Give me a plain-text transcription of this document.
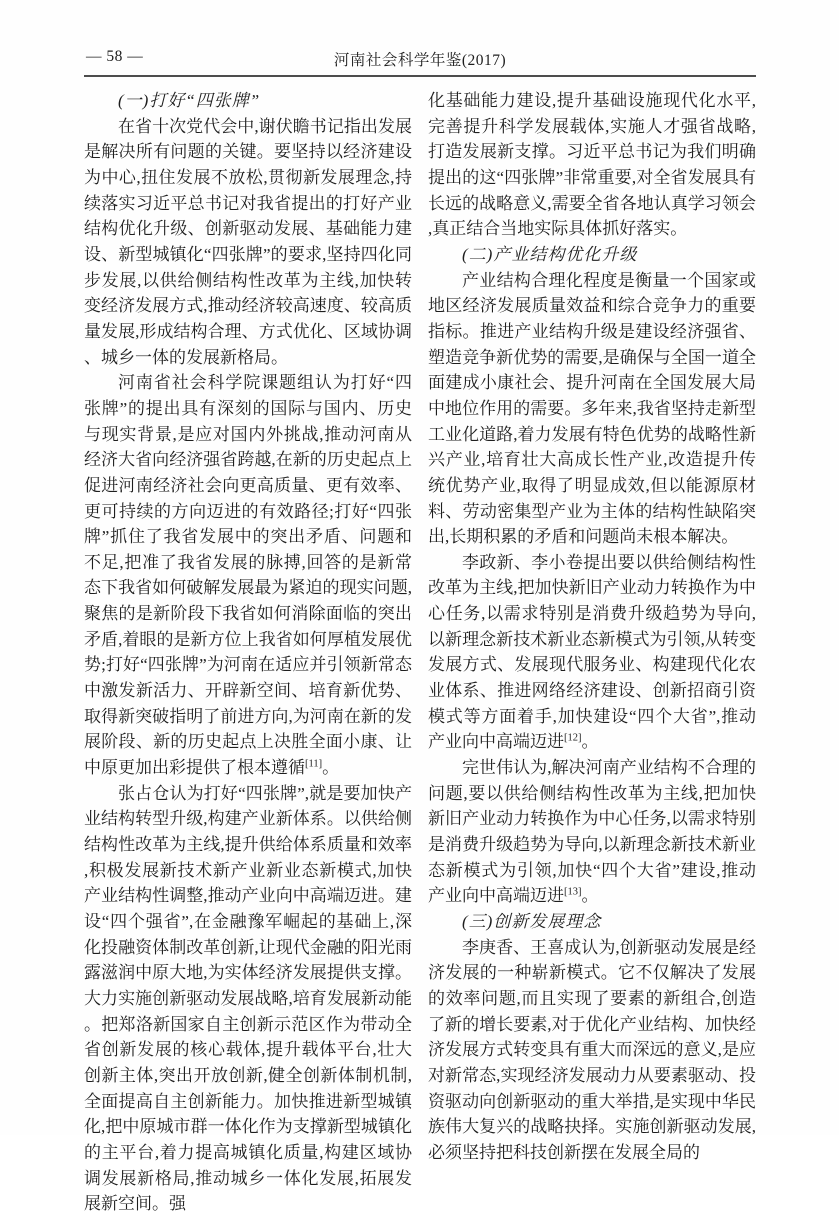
— 58 —	河南社会科学年鉴(2017)
(一)打好“四张牌”

在省十次党代会中,谢伏瞻书记指出发展是解决所有问题的关键。要坚持以经济建设为中心,扭住发展不放松,贯彻新发展理念,持续落实习近平总书记对我省提出的打好产业结构优化升级、创新驱动发展、基础能力建设、新型城镇化“四张牌”的要求,坚持四化同步发展,以供给侧结构性改革为主线,加快转变经济发展方式,推动经济较高速度、较高质量发展,形成结构合理、方式优化、区域协调、城乡一体的发展新格局。

河南省社会科学院课题组认为打好“四张牌”的提出具有深刻的国际与国内、历史与现实背景,是应对国内外挑战,推动河南从经济大省向经济强省跨越,在新的历史起点上促进河南经济社会向更高质量、更有效率、更可持续的方向迈进的有效路径;打好“四张牌”抓住了我省发展中的突出矛盾、问题和不足,把准了我省发展的脉搏,回答的是新常态下我省如何破解发展最为紧迫的现实问题,聚焦的是新阶段下我省如何消除面临的突出矛盾,着眼的是新方位上我省如何厚植发展优势;打好“四张牌”为河南在适应并引领新常态中激发新活力、开辟新空间、培育新优势、取得新突破指明了前进方向,为河南在新的发展阶段、新的历史起点上决胜全面小康、让中原更加出彩提供了根本遵循[11]。

张占仓认为打好“四张牌”,就是要加快产业结构转型升级,构建产业新体系。以供给侧结构性改革为主线,提升供给体系质量和效率,积极发展新技术新产业新业态新模式,加快产业结构性调整,推动产业向中高端迈进。建设“四个强省”,在金融豫军崛起的基础上,深化投融资体制改革创新,让现代金融的阳光雨露滋润中原大地,为实体经济发展提供支撑。大力实施创新驱动发展战略,培育发展新动能。把郑洛新国家自主创新示范区作为带动全省创新发展的核心载体,提升载体平台,壮大创新主体,突出开放创新,健全创新体制机制,全面提高自主创新能力。加快推进新型城镇化,把中原城市群一体化作为支撑新型城镇化的主平台,着力提高城镇化质量,构建区域协调发展新格局,推动城乡一体化发展,拓展发展新空间。强

化基础能力建设,提升基础设施现代化水平,完善提升科学发展载体,实施人才强省战略,打造发展新支撑。习近平总书记为我们明确提出的这“四张牌”非常重要,对全省发展具有长远的战略意义,需要全省各地认真学习领会,真正结合当地实际具体抓好落实。

(二)产业结构优化升级

产业结构合理化程度是衡量一个国家或地区经济发展质量效益和综合竞争力的重要指标。推进产业结构升级是建设经济强省、塑造竞争新优势的需要,是确保与全国一道全面建成小康社会、提升河南在全国发展大局中地位作用的需要。多年来,我省坚持走新型工业化道路,着力发展有特色优势的战略性新兴产业,培育壮大高成长性产业,改造提升传统优势产业,取得了明显成效,但以能源原材料、劳动密集型产业为主体的结构性缺陷突出,长期积累的矛盾和问题尚未根本解决。

李政新、李小卷提出要以供给侧结构性改革为主线,把加快新旧产业动力转换作为中心任务,以需求特别是消费升级趋势为导向,以新理念新技术新业态新模式为引领,从转变发展方式、发展现代服务业、构建现代化农业体系、推进网络经济建设、创新招商引资模式等方面着手,加快建设“四个大省”,推动产业向中高端迈进[12]。

完世伟认为,解决河南产业结构不合理的问题,要以供给侧结构性改革为主线,把加快新旧产业动力转换作为中心任务,以需求特别是消费升级趋势为导向,以新理念新技术新业态新模式为引领,加快“四个大省”建设,推动产业向中高端迈进[13]。

(三)创新发展理念

李庚香、王喜成认为,创新驱动发展是经济发展的一种崭新模式。它不仅解决了发展的效率问题,而且实现了要素的新组合,创造了新的增长要素,对于优化产业结构、加快经济发展方式转变具有重大而深远的意义,是应对新常态,实现经济发展动力从要素驱动、投资驱动向创新驱动的重大举措,是实现中华民族伟大复兴的战略抉择。实施创新驱动发展,必须坚持把科技创新摆在发展全局的
